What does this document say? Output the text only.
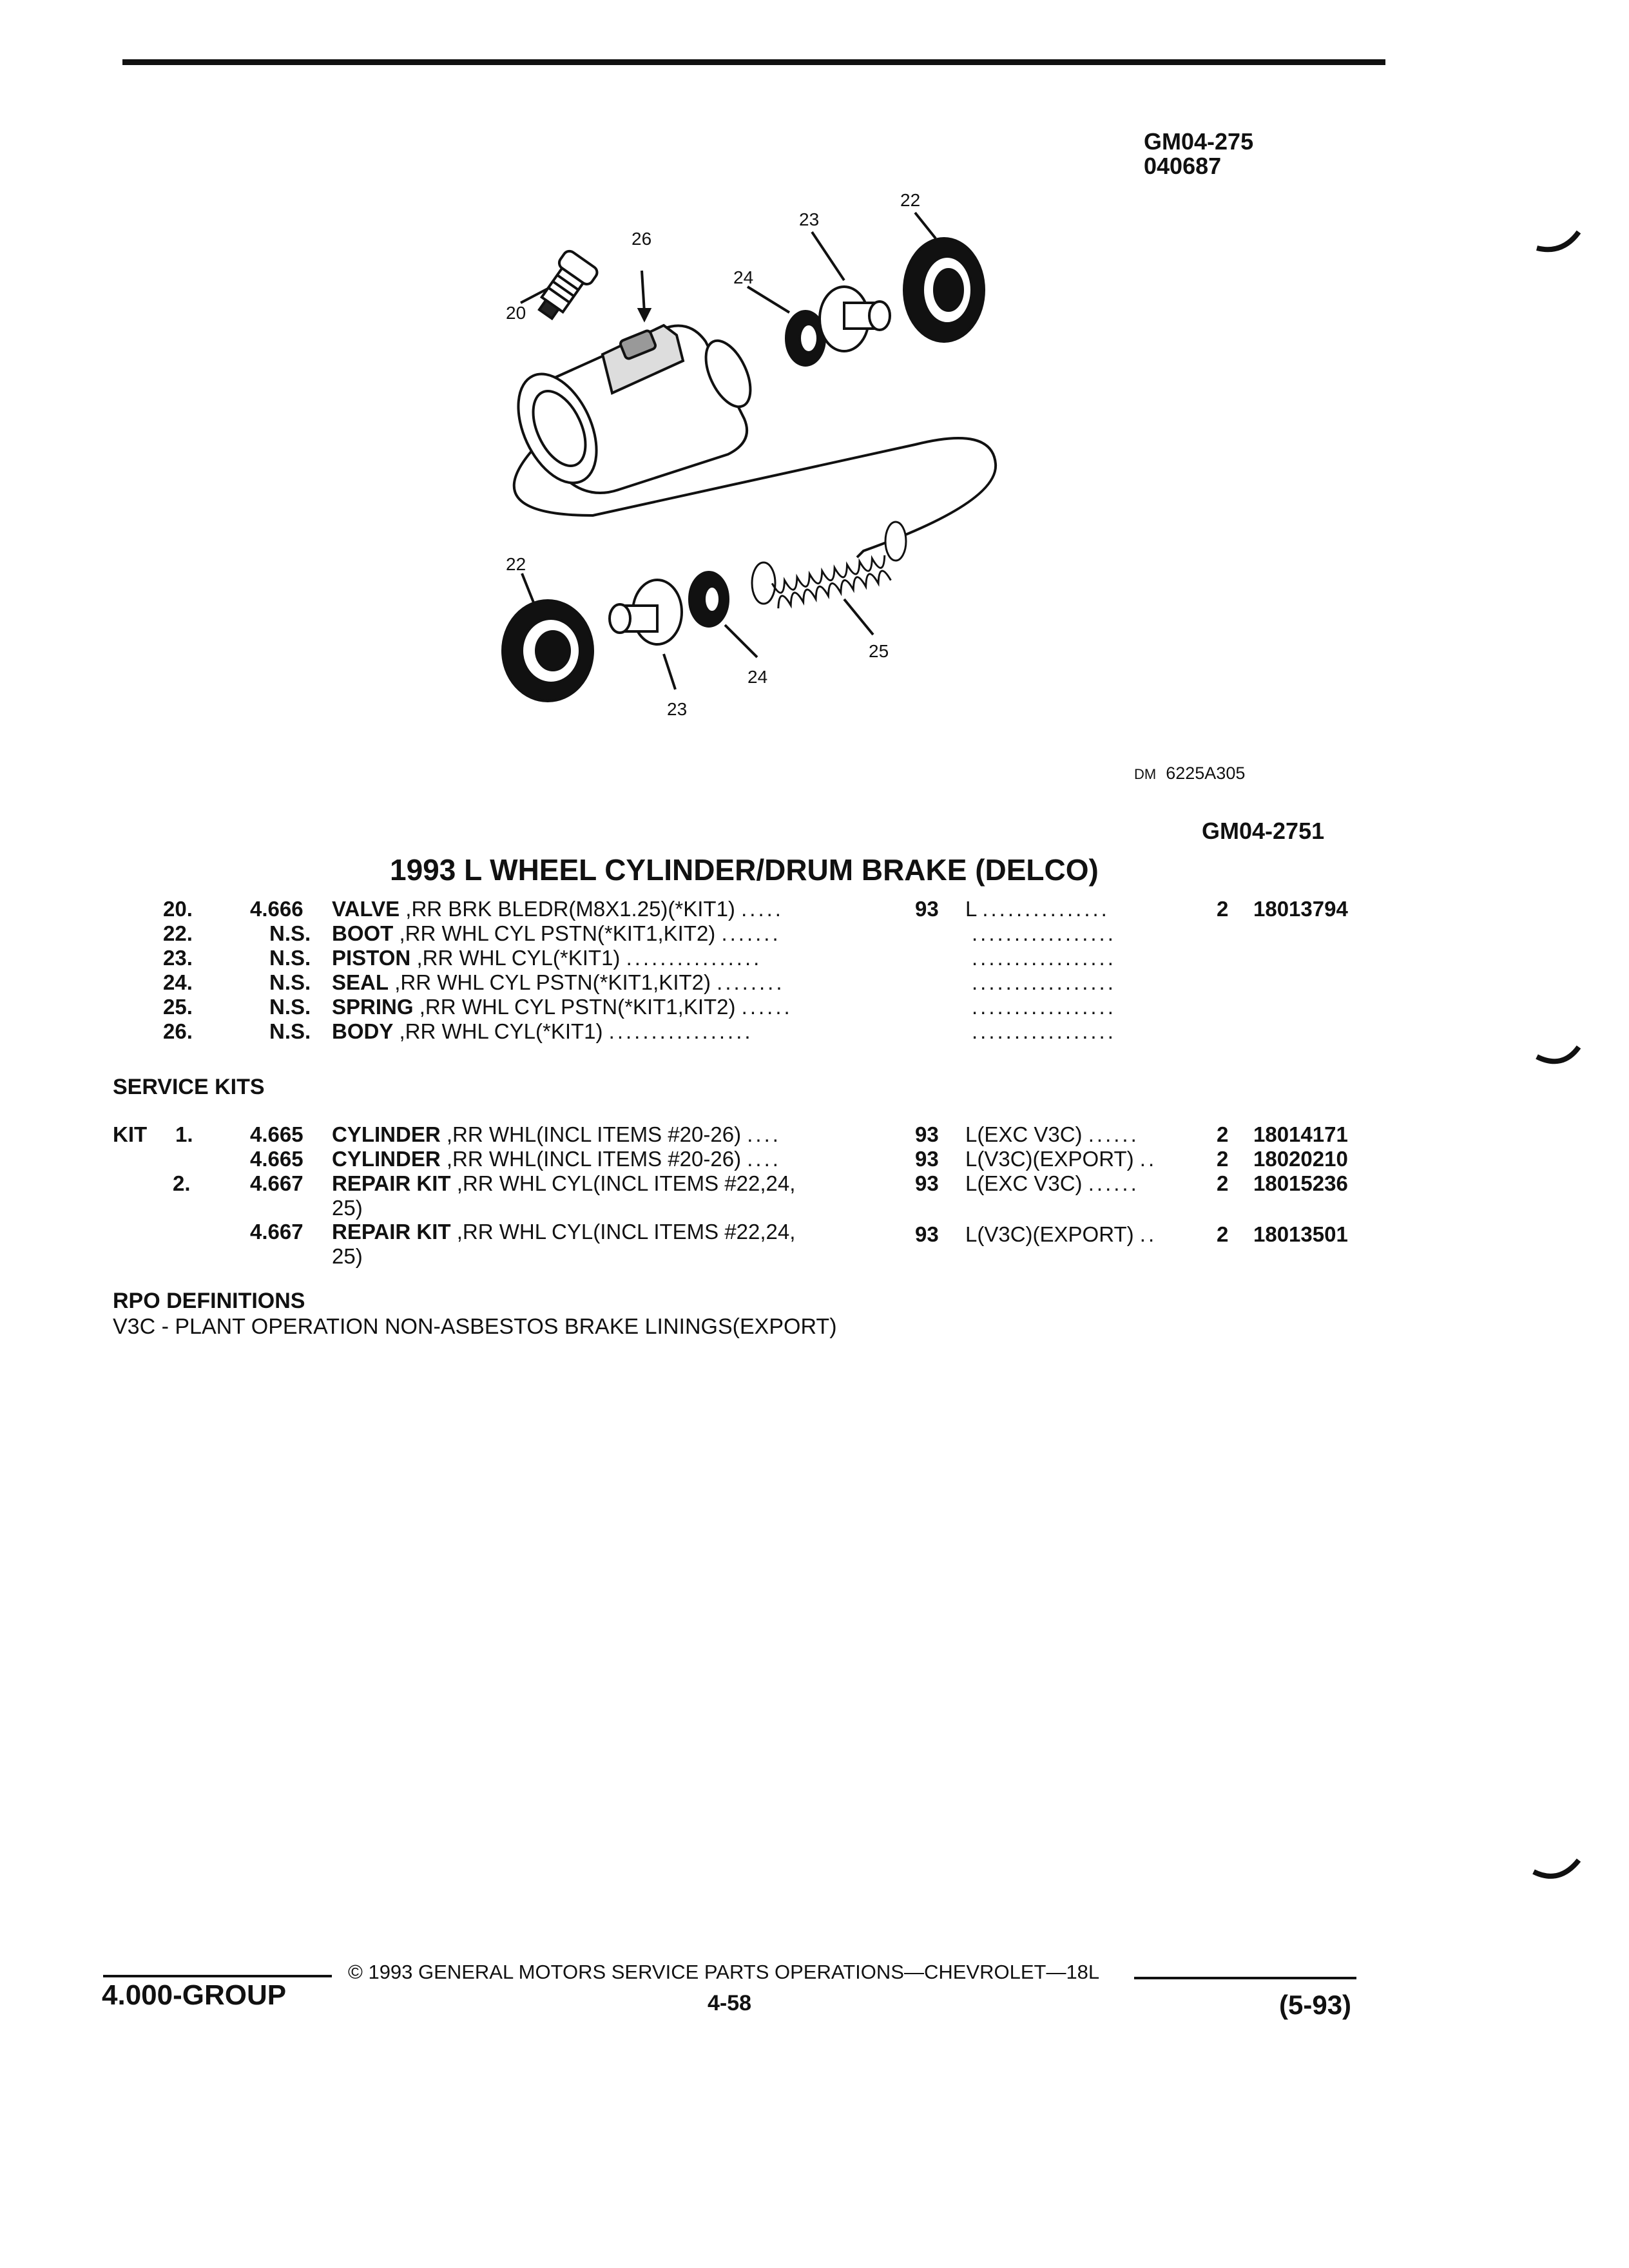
GM04-275
040687
20
26
23
24
22
22
24
25
23
DM 6225A305
GM04-2751
1993 L WHEEL CYLINDER/DRUM BRAKE (DELCO)
20.	4.666 VALVE ,RR BRK BLEDR(M8X1.25)(*KIT1) .....	93 L ...............	2 18013794
22.	N.S. BOOT ,RR WHL CYL PSTN(*KIT1,KIT2) .......	.................
23.	N.S. PISTON ,RR WHL CYL(*KIT1) ................	.................
24.	N.S. SEAL ,RR WHL CYL PSTN(*KIT1,KIT2) ........	.................
25.	N.S. SPRING ,RR WHL CYL PSTN(*KIT1,KIT2) ......	.................
26.	N.S. BODY ,RR WHL CYL(*KIT1) .................	.................
SERVICE KITS
KIT 1.	4.665 CYLINDER ,RR WHL(INCL ITEMS #20-26) ....	93 L(EXC V3C) ......	2 18014171
4.665 CYLINDER ,RR WHL(INCL ITEMS #20-26) ....	93 L(V3C)(EXPORT) ..	2 18020210
2.	4.667 REPAIR KIT ,RR WHL CYL(INCL ITEMS #22,24,
25)
93 L(EXC V3C) ......	2 18015236
4.667 REPAIR KIT ,RR WHL CYL(INCL ITEMS #22,24,
25)
93 L(V3C)(EXPORT) ..	2 18013501
RPO DEFINITIONS
V3C - PLANT OPERATION NON-ASBESTOS BRAKE LININGS(EXPORT)
© 1993 GENERAL MOTORS SERVICE PARTS OPERATIONS—CHEVROLET—18L
4.000-GROUP	4-58	(5-93)
